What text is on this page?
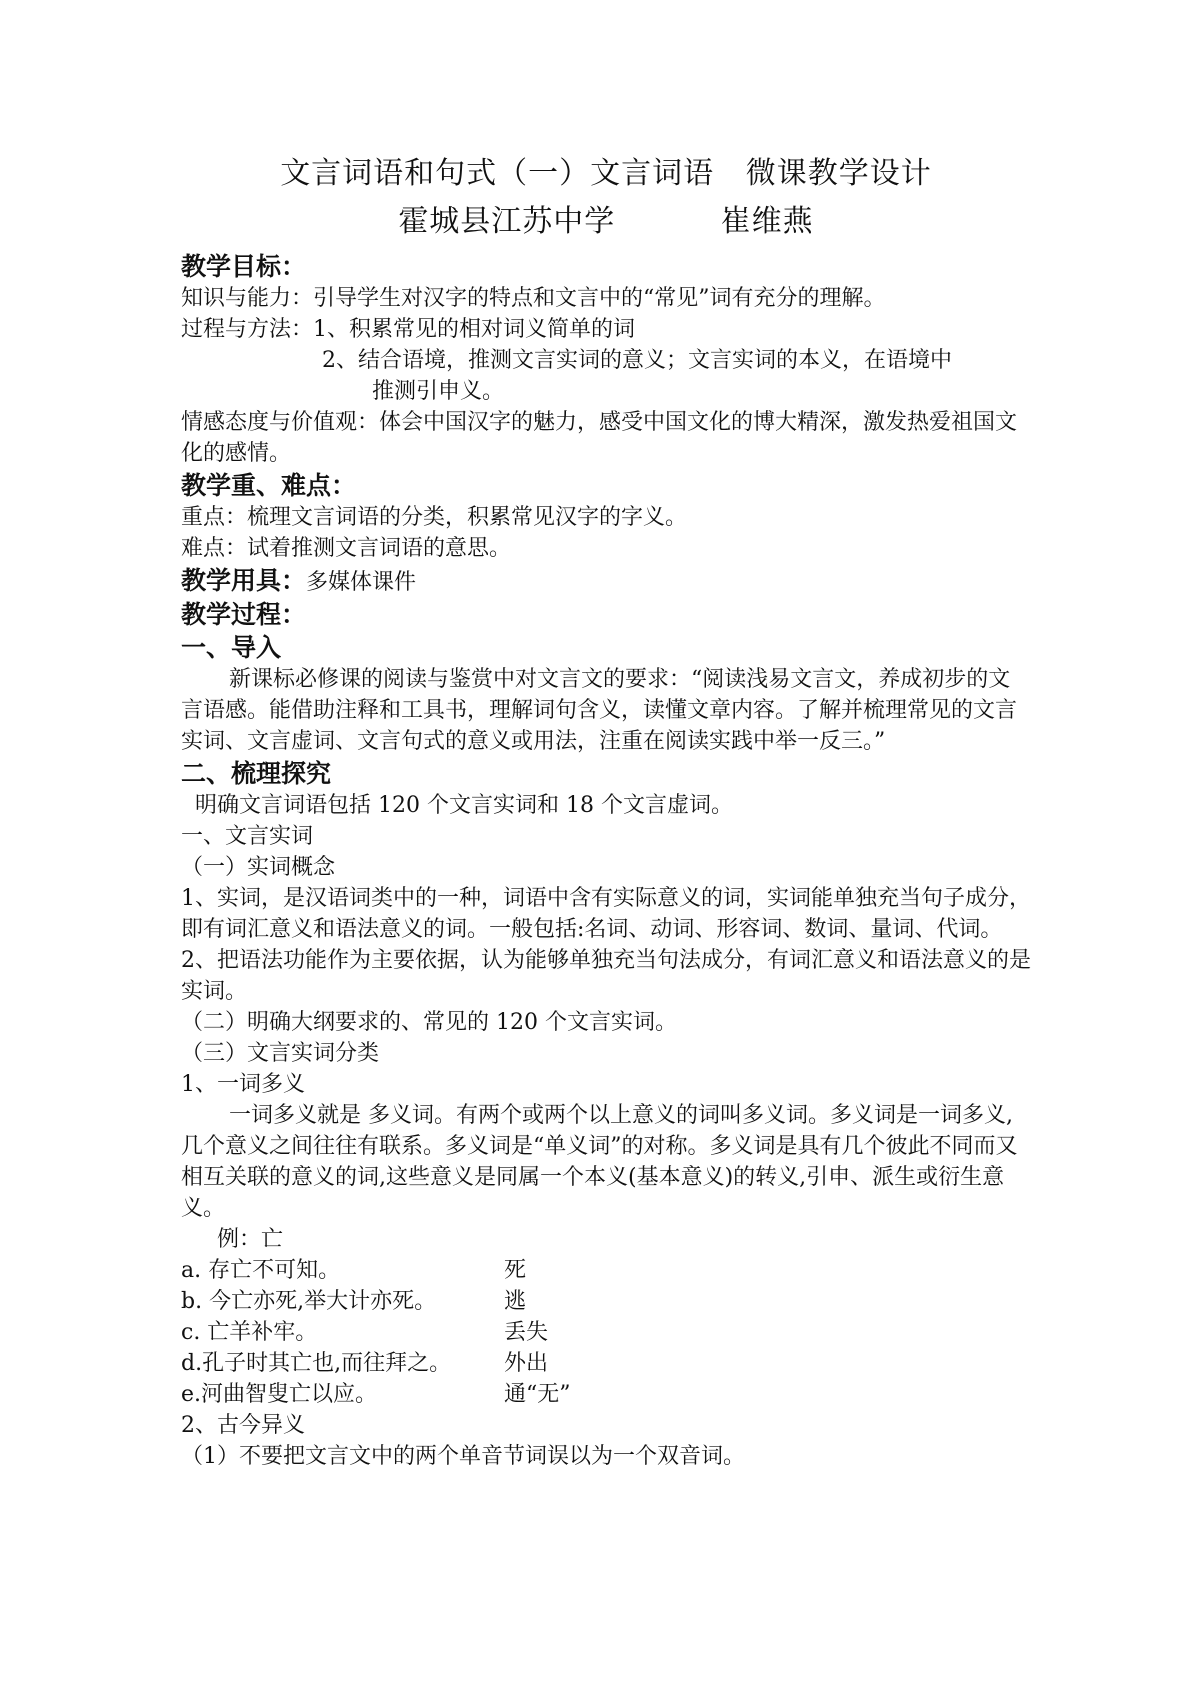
文言词语和句式（一）文言词语   微课教学设计
霍城县江苏中学          崔维燕
教学目标：
知识与能力：引导学生对汉字的特点和文言中的“常见”词有充分的理解。
过程与方法：1、积累常见的相对词义简单的词
2、结合语境，推测文言实词的意义；文言实词的本义，在语境中
推测引申义。
情感态度与价值观：体会中国汉字的魅力，感受中国文化的博大精深，激发热爱祖国文化的感情。
教学重、难点：
重点：梳理文言词语的分类，积累常见汉字的字义。
难点：试着推测文言词语的意思。
教学用具：多媒体课件
教学过程：
一、导入
新课标必修课的阅读与鉴赏中对文言文的要求：“阅读浅易文言文，养成初步的文言语感。能借助注释和工具书，理解词句含义，读懂文章内容。了解并梳理常见的文言实词、文言虚词、文言句式的意义或用法，注重在阅读实践中举一反三。”
二、梳理探究
明确文言词语包括 120 个文言实词和 18 个文言虚词。
一、文言实词
（一）实词概念
1、实词，是汉语词类中的一种，词语中含有实际意义的词，实词能单独充当句子成分，即有词汇意义和语法意义的词。一般包括:名词、动词、形容词、数词、量词、代词。
2、把语法功能作为主要依据，认为能够单独充当句法成分，有词汇意义和语法意义的是实词。
（二）明确大纲要求的、常见的 120 个文言实词。
（三）文言实词分类
1、一词多义
一词多义就是 多义词。有两个或两个以上意义的词叫多义词。多义词是一词多义,几个意义之间往往有联系。多义词是“单义词”的对称。多义词是具有几个彼此不同而又相互关联的意义的词,这些意义是同属一个本义(基本意义)的转义,引申、派生或衍生意义。
例：亡
a. 存亡不可知。	死
b. 今亡亦死,举大计亦死。	逃
c. 亡羊补牢。	丢失
d.孔子时其亡也,而往拜之。	外出
e.河曲智叟亡以应。	通“无”
2、古今异义
（1）不要把文言文中的两个单音节词误以为一个双音词。
